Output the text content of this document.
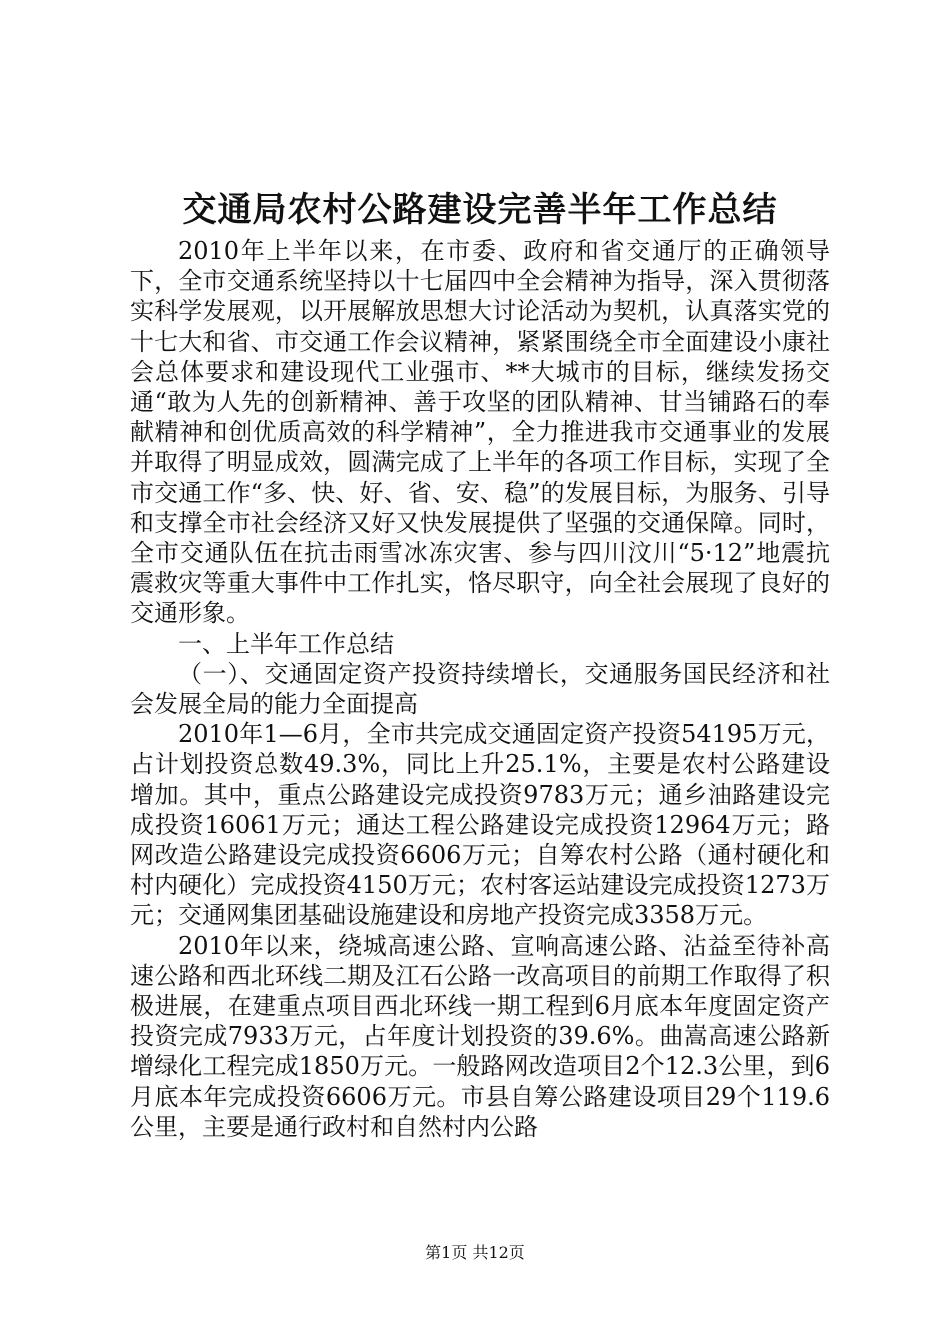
交通局农村公路建设完善半年工作总结

2010年上半年以来，在市委、政府和省交通厅的正确领导下，全市交通系统坚持以十七届四中全会精神为指导，深入贯彻落实科学发展观，以开展解放思想大讨论活动为契机，认真落实党的十七大和省、市交通工作会议精神，紧紧围绕全市全面建设小康社会总体要求和建设现代工业强市、**大城市的目标，继续发扬交通“敢为人先的创新精神、善于攻坚的团队精神、甘当铺路石的奉献精神和创优质高效的科学精神”，全力推进我市交通事业的发展并取得了明显成效，圆满完成了上半年的各项工作目标，实现了全市交通工作“多、快、好、省、安、稳”的发展目标，为服务、引导和支撑全市社会经济又好又快发展提供了坚强的交通保障。同时，全市交通队伍在抗击雨雪冰冻灾害、参与四川汶川“5·12”地震抗震救灾等重大事件中工作扎实，恪尽职守，向全社会展现了良好的交通形象。

一、上半年工作总结

（一）、交通固定资产投资持续增长，交通服务国民经济和社会发展全局的能力全面提高

2010年1—6月，全市共完成交通固定资产投资54195万元，占计划投资总数49.3%，同比上升25.1%，主要是农村公路建设增加。其中，重点公路建设完成投资9783万元；通乡油路建设完成投资16061万元；通达工程公路建设完成投资12964万元；路网改造公路建设完成投资6606万元；自筹农村公路（通村硬化和村内硬化）完成投资4150万元；农村客运站建设完成投资1273万元；交通网集团基础设施建设和房地产投资完成3358万元。

2010年以来，绕城高速公路、宣响高速公路、沾益至待补高速公路和西北环线二期及江石公路一改高项目的前期工作取得了积极进展，在建重点项目西北环线一期工程到6月底本年度固定资产投资完成7933万元，占年度计划投资的39.6%。曲嵩高速公路新增绿化工程完成1850万元。一般路网改造项目2个12.3公里，到6月底本年完成投资6606万元。市县自筹公路建设项目29个119.6公里，主要是通行政村和自然村内公路

第1页 共12页
